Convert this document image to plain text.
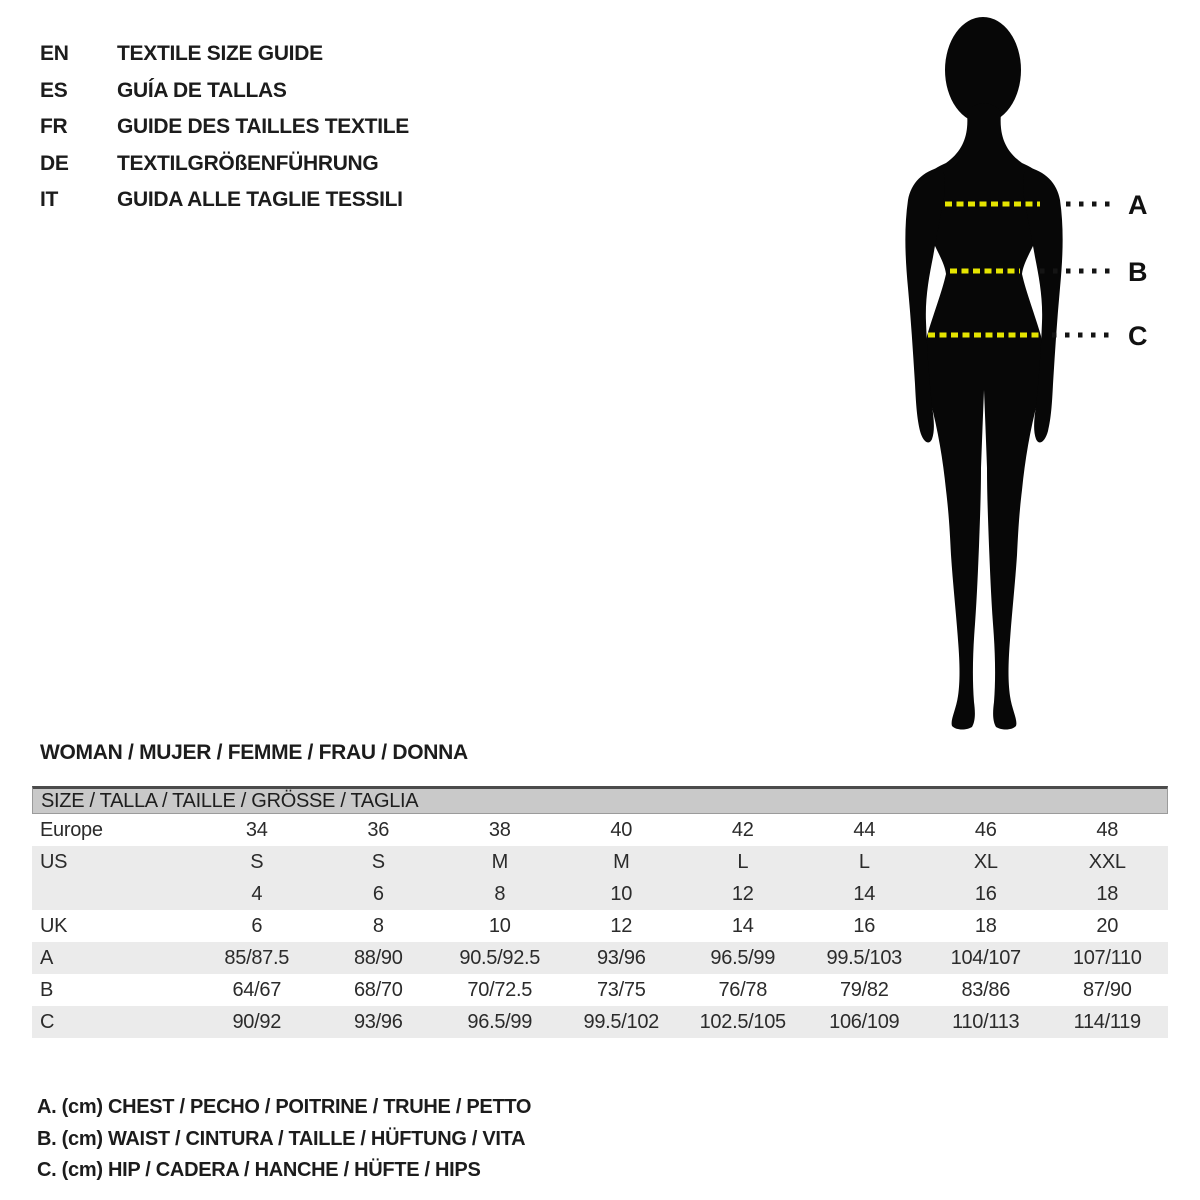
EN	TEXTILE SIZE GUIDE
ES	GUÍA DE TALLAS
FR	GUIDE DES TAILLES TEXTILE
DE	TEXTILGRÖßENFÜHRUNG
IT	GUIDA ALLE TAGLIE TESSILI	A
B
C
WOMAN / MUJER / FEMME / FRAU / DONNA
SIZE / TALLA / TAILLE / GRÖSSE / TAGLIA
Europe	34	36	38	40	42	44	46	48
US	S	S	M	M	L	L	XL	XXL
	4	6	8	10	12	14	16	18
UK	6	8	10	12	14	16	18	20
A	85/87.5	88/90	90.5/92.5	93/96	96.5/99	99.5/103	104/107	107/110
B	64/67	68/70	70/72.5	73/75	76/78	79/82	83/86	87/90
C	90/92	93/96	96.5/99	99.5/102	102.5/105	106/109	110/113	114/119
A. (cm) CHEST / PECHO / POITRINE / TRUHE / PETTO
B. (cm) WAIST / CINTURA / TAILLE / HÜFTUNG / VITA
C. (cm) HIP / CADERA / HANCHE / HÜFTE / HIPS
